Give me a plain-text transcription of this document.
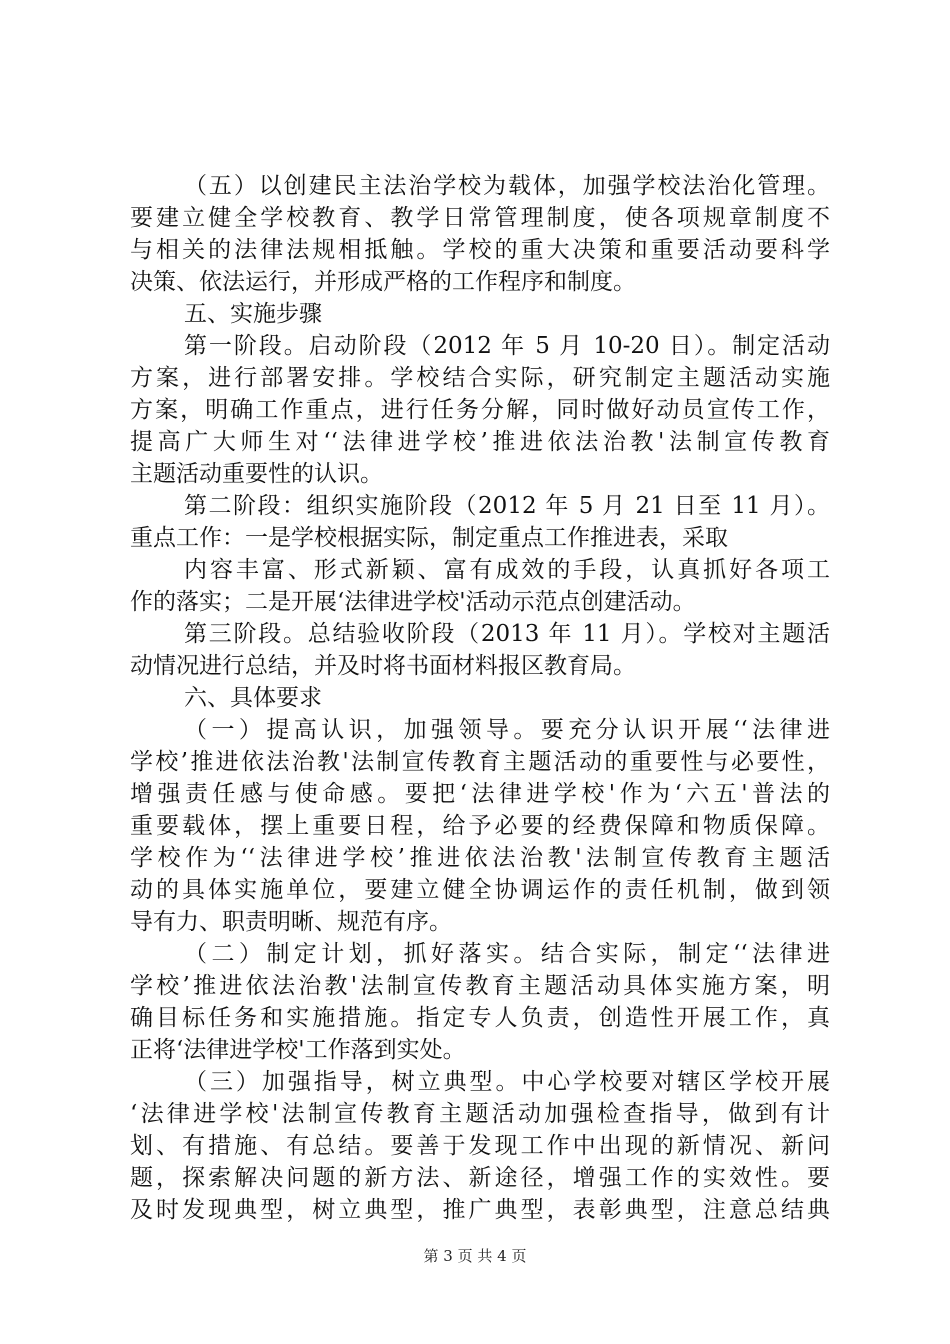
（五）以创建民主法治学校为载体，加强学校法治化管理。
要建立健全学校教育、教学日常管理制度，使各项规章制度不
与相关的法律法规相抵触。学校的重大决策和重要活动要科学
决策、依法运行，并形成严格的工作程序和制度。
五、实施步骤
第一阶段。启动阶段（2012 年 5 月 10-20 日）。制定活动
方案，进行部署安排。学校结合实际，研究制定主题活动实施
方案，明确工作重点，进行任务分解，同时做好动员宣传工作，
提高广大师生对‘‘法律进学校’推进依法治教'法制宣传教育
主题活动重要性的认识。
第二阶段：组织实施阶段（2012 年 5 月 21 日至 11 月）。
重点工作：一是学校根据实际，制定重点工作推进表，采取
内容丰富、形式新颖、富有成效的手段，认真抓好各项工
作的落实；二是开展‘法律进学校'活动示范点创建活动。
第三阶段。总结验收阶段（2013 年 11 月）。学校对主题活
动情况进行总结，并及时将书面材料报区教育局。
六、具体要求
（一）提高认识，加强领导。要充分认识开展‘‘法律进
学校’推进依法治教'法制宣传教育主题活动的重要性与必要性，
增强责任感与使命感。要把‘法律进学校'作为‘六五'普法的
重要载体，摆上重要日程，给予必要的经费保障和物质保障。
学校作为‘‘法律进学校’推进依法治教'法制宣传教育主题活
动的具体实施单位，要建立健全协调运作的责任机制，做到领
导有力、职责明晰、规范有序。
（二）制定计划，抓好落实。结合实际，制定‘‘法律进
学校’推进依法治教'法制宣传教育主题活动具体实施方案，明
确目标任务和实施措施。指定专人负责，创造性开展工作，真
正将‘法律进学校'工作落到实处。
（三）加强指导，树立典型。中心学校要对辖区学校开展
‘法律进学校'法制宣传教育主题活动加强检查指导，做到有计
划、有措施、有总结。要善于发现工作中出现的新情况、新问
题，探索解决问题的新方法、新途径，增强工作的实效性。要
及时发现典型，树立典型，推广典型，表彰典型，注意总结典
第 3 页 共 4 页
